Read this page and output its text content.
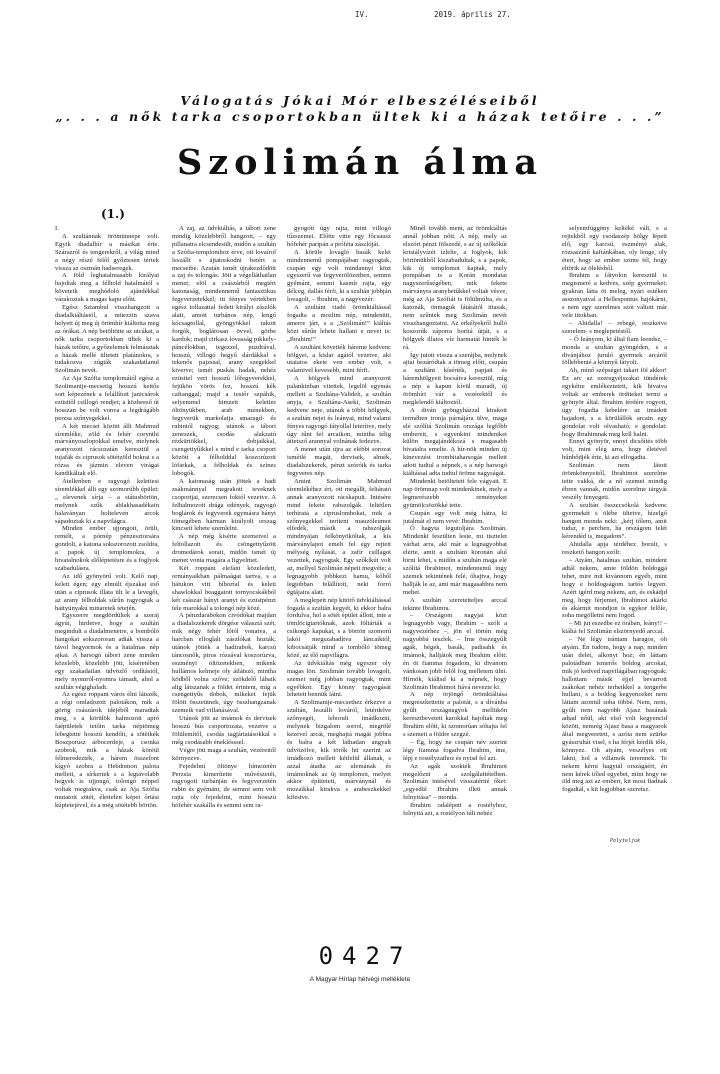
IV.	2019. április 27.
Válogatás Jókai Mór elbeszéléseiből
„. . . a nők tarka csoportokban ültek ki a házak tetőire . . .”
Szolimán álma
(1.)

I.

A szultánnak örömünnepe volt. Egyik diadalhír a másikat érte. Szárazról és tengerekről, a világ mind a négy részé felől győztesen tértek vissza az oszmán hadseregek.

A föld leghatalmasabb királyai hajoltak meg a félhold hatalmától s követeik meghódoló ajándékkal várakoztak a magas kapu előtt.

Egész Sztambul visszhangzott a diadalkiáltástól, a müezzin szava helyett új meg új örömhír kiáltotta meg az órákat. A nép betöltötte az utcákat, a nők tarka csoportokban ültek ki a házak tetőire, a győzelemek felmásztak a házak mellé ültetett platánokra, s tudakozva zúgták szakadatlanul Szolimán nevét.

Az Aja Szófia templomától egész a Szolimanije-mecsetig hosszú kettős sort képezének a felállított janicsárok ezüsttől csillogó rendjei; a közbeeső út hosszan be volt vonva a legdrágább perzsa szőnyegekkel.

A két mecset között állt Mahmud síremléke, zöld és fehér corynthi márványoszlopokkal emelve, melynek aranyozott rácsozatán keresztül a tujafák és ciprusok sötétzöld bokrai s a rózsa és jázmin eleven virágai kandikáltak elő.

Átellenben e ragyogó keletiesi síremlékkel állt egy szomorúbb épület: „ elevenek sírja – a státusbörtön, melynek szűk ablakhasadékain halaványan holteleven arcok sápadoztak ki a napvilágra.

Minden ember ujjongott, örült, remélt, a pórnép pénzesztorsára gondolt, a katona sokszorozott zsoldra, a papok új templomokra, a hivatalnokok előléptetésre és a foglyok szabadulásra.

Az idő gyönyörű volt. Kelő nap, keleti égen; egy elmúlt éjszakai eső után a ciprusok illata ült le a levegőt, az arany félholdak sűrűn ragyogtak a hattyúnyakú minaretek tetején.

Egyszerre megdördültek a szeráj ágyúi, hirdetve, hogy a szultán megindult a diadalmenetre, a bombóló hangokat sokszorosan adták vissza a távol hegyormok és a hatalmas nép ajkai. A harsogó tábori zene minden közelebb, közelebb jött, kíséretében egy szakadatlan üdvözlő ordítástól, mely nyomról-nyomra támadt, ahol a szultán végighaladt.

Az egész roppant város élni látszék, a régi omladozott palotákon, mik a görög császárok idejéből maradtak meg, s a körülök halmozott apró faépületek tetőin tarka néptömeg lebegtette hosszú kendőit, a sötétkék Boszporusz árbocerdeje, a csonka szobrok, mik a házak köréül félmeredezték, a hárem összefont kígyó szobra a Hebdomon palota mellett, a sírkertek s a legtávolabb hegyek is ujjongó, tolongó néppel voltak megrakva, csak az Aja Szófia mutatott sötét, élettelen képet óriási kúptetejével, és a még sötétebb börtön.

A zaj, az üdvkiáltás, a tábori zene mindig közelebbről hangzott, – egy pillanatra elcsendesült, midőn a szultán a Szófia-templomhoz érve, ott lovaírol leszállt s ájtatoskodni betért a mecsetbe. Azután ismét újrakezdődött a zaj és tolongás. Jött a végelláthatlan menet; elöl a császárból megtért katonaság, mindennemű fantasztikus fegyverzetekkel; itt fényes vértekben egész tollazattal fedett királyi zászlók alatt, amott turbános nép, lengő kócsagtollal, gyöngyökkel rakott forgók, boglárosan övvel, görbe kardok; majd cirkasz lovasság pikkely-páncélokban, tegezzel, puzdrával, hosszú, villogó hegyű dárdákkal s tekenős pajzssal, arany szegekkel kiverve; ismét puskás hadak, nehéz ezüsttel vert hosszú lőfegyverekkel, fejükön vörös fez, hosszú kék caftanggal; majd a testőr szpáhik, selyemmel himzett keleties öltönyükben, arab ménekben, fegyverük markolatja smaragd- és rubintól ragyog; utánok a tábori zeneszek, csodás alakzatú rézkürtökkel, dobjaikkal, csengettyűikkel s mind e tarka csoport között a félholddal koszorúzott lófarkak, a félholdak és színes lobogók.

A katonaság után jöttek a hadi zsákmánnyal megrakott teveknek csoportjai, szerecsen foktól vezetve. A felhalmozott drága edények, ragyogó boglárok és fegyverek egymásra hányt tömegében hárman királyolt orszag kincseit lehete szemlelni.

A nép még kisérte szemeivel a feltollazott és csöngettyűzött dromedárok sorait, midőn ismét új menet vonta magára a figyelmet.

Két roppant elefánt közeledett, ormányaikban pálmaágat tartva, s a hátukon vitt bíborral és keleti shawlokkal beaggatott tornyocskákból két császár hányt aranyt és ezüstpénzt tele marokkal a tolongó nép közé.

A pénzdarabokon civódókat majdan a diadalszekerek dörgése választá szét, mik négy fehér lótól vonatva, a harcban elfoglalt zászlókat hozták; utánok jöttek a hadirabok, karcsú táncosnők, piros rózsával koszorúzva, eszményi öltözetekben, mikenk hullámos kelmeje oly átlátszó, mintha ködből volna szőve; szökdelő lábaik alig látszanak a földet érinteni, míg a csengettyűs dobok, mikeket fejük fölött összeütnek, úgy összhangzanak szemeik vad villanásával.

Utánok jött az imámok és dervisek hosszú bús csoportozata, vezetve a fölülemítől, csodás tagjártatásokkal s még csodásabb éneklésssel.

Végre jött maga a szultán, vezéreitől környezve.

Fejedelmi öltönye hímezetén Perzsia kimerítette művészetét, ragyogott turbánján és fegyverzetén rubin és gyémánt, de semmi sem volt rajta oly fejedelmi, mint hosszú hófehér szakálla és semmi sem ra-

gyogott úgy rajta, mint villogó tűzszemei. Előtte vitte egy főcsausz hófehér paripán a próféta zászlóját.

A körüle lovagló basák kelet mindennemű pompájában ragyogtak, csupán egy volt mindannyi közt egyszerű vas fegyverölözetben, semmi gyémánt, semmi kasmír rajta, egy délceg, dallás férfi, ki a szultán jobbján lovagolt, – Ibrahim, a nagyvezér.

A szultánt riadó örömkiáltással fogadta a mozlim nép, mindenütt, amerre járt, s a „Szolimán!” kiáltás közt sűrűn lehete hallani e nevet is: „Ibrahim!”

A szultánt követték háreme kedvenc hölgyei, a kislar agától vezetve, aki utaiatos ekete ven ember volt, s valamivel kevesebb, mint férfi.

A hölgyek mind aranyozott palankinban vitettek, legelöl egymás mellett a Szultána-Valideh, a szultán anyja, s Szultána-Aseki, Szolimán kedvenc neje, utánuk a többi hölgyek, a szultán nejei és leányai, mind valami fényes ragyogó fátyollal leterítve, mely úgy tűnt fel arcaikon, mintha télig áttetsző arannyal volnának fedezve.

A menet után újra az elébbi sorozat ismétlé magát, dervisek, almék, diadalszekerek, pénzt szóróik és tarka fegyveres nép.

Amint Szolimán Mahmud síremlékéhez ért, ott megállt, feltárató annak aranyozott rácskapuit. Intésére mind fekete rabszolgák feltétlen terhiratá a cipruslombokat, mik a szőnyegekkel terítent mauzóleumot elfedék, másik a rabszolgák mindnyájan felkönyököltak, a kis márványlapot emelt fel egy rejtett mélység nyílását, a zafír csillagot vezettek, ragyogtak. Egy szőkíkút volt az, mellyel Szolimán népeit megvéte; a legnagyobb jobbkezi hamu, kőből legjobban felállított, neki forró égtájaira alatt.

A meglepett nép kitörő üdvkiáltással fogadá a szultán kegyét, ki ekkor balra fordulva, hol a sötét épület állott, inte a tömlöcigtartóknak, azok föltárták a csikorgó kapukat, s a börtön szomorú lakói megszabadítva láncaiktól, kibocsátják mind a tombóló tömeg közé, az élő napvilágra.

Az üdvkiáltás még egyszer oly magas lön. Szolimán tovább lovagolt, szemei még jobban ragyogtak, mint egyébkor. Egy könny ragyogását lehetett bennük látni.

A Szolimanije-mecsethez érkezve a szultán, leszállt lováról, letérdelve szőnyegét, leborult imádkozni, melynek bizgalom sorrol, megrölé kezével arcát, meghajtá magát jobbra és balra a két láthatlan angyalt üdvözölve, kik törők hit szerint az imádkozó mellett kétfelül állanak, s azzal átadta az ulemának és imámoknak az új templomot, melyet akkor építtetett, márványnál és mozaikkal kirakva s arabeszkekkel kifestve.

Minél tovább ment, az örömkiáltás annál jobban nőtt. A nép, mely az elszórt pénzt fölszedé, s az új szőkőkút kristályvízét ízlelte, a foglyok, kik börtönükből kiszabadultak, s a papok, kik új templomot kaptak, mely pompában is a Korán mondatai nagyszerűségében, mik fekete márványra aranybetűkkel voltak vésve, még az Aja Szófiát is fölülmúlta, és a katonák, önmaguk látásától ittasak, nem szűntek meg Szolimán nevét visszhangoztatni. Az erkélyekről hulló koszorúk záporra borítá útját, s a hölgyek illatos víz harmatát hinték le rá.

Így jutott vissza a szerájba, melynek ajtai bezáródtak a tömeg előtt, csupán a szultánt kísérték, papjait és háremhölgyeit bocsátva keresztül, míg a nép a kapun kívül maradt, új örömhírt vár a vezérektől és meglelendő kiáltoztól.

A diván gyöngyházzal kirakott termében tronja párnájára ülve, maga elé szólítá Szolimán országa legfőbb embereit, s egyenkint mindeniket külön megajándékozá s magasabb hivatalra emelte. A hír-nök minden új kinevezést trombitaharsogás mellett adott tudtul a népnek, s a nép harsogó kiáltással adta tudtul öröme nagyságát.

Mindenki betöltetett fele vágyait. E nap örömnap volt mindenkinek, mely a legmerészebb reményeket gyümölcsözökké tette.

Csupán egy volt még hátra, ki jutalmát el nem vevé: Ibrahim.

Ő hagyta legutoljára Szolimán. Mindenki feszülten leste, mi tisztelet várhat arra, aki már a legnagyobbat elérte, amit a szultáni koronán alul birni lehet, s midőn a szultán maga elé szólítá Ibrahimot, mindennemű ingy szemek tekintének felé, óhajtva, hogy hallják le az, ami már magasabbra nem mehet.

A szultán szeretetteljes arccal tekinte Ibrahimra.

– Országom nagyjai közt legnagyobb vagy, Ibrahim – szólt a nagyvezérhez –, jön el történ még nagyobbá teszlek. – Íme összegyűlt agák, bégek, basák, padisahk és imámok, halljátok meg Ibrahim előtt; én öt fiamma fogadom, ki divánom vánkosan jobb felől fog melletem ülni. Hírnök, kiáltsd ki a népnek, hogy Szolimán Ibrahimot fiává nevezte ki.

A nép örjöngő örömkiáltása megreszkettette a palotát, s a dívánba gyűlt országnagyok mellükön keresztbevetett karokkal hajoltak meg Ibrahim előtt, ki szomorúan sóhajta fel s szemeit a földre szegzé.

– Ég, hogy ne csupán név szerint légy fiammá fogadva Ibrahim, íme, lépj e rostélyzathoz és nyisd fel azt.

Az agák szokték Ibrahimot megelőzni a szolgálattételben. Szolimán intésével visszatérité őket: „egyedül Ibrahim illeti annak felnyitása” – monda.

Ibrahim odalépett a rostélyhoz, felnyitá azt, a rostélyon túli nehéz

selyemfüggöny keltéké vált, s a rejtekből egy csodaszép hölgy lépett elő, egy karcsú, eszményi alak, rózsaszínű kaftánkában, oly lenge, oly éteri, hogy az ember szinte fél, hogy eltörik az ölelésből.

Ibrahim a fátyolon keresztül is megismeré a kedves, szép gyermeket; gyakran látta öt meleg, nyári estéken asszonyaival a Hellespontus hajókárni, s nem egy szerelmes szót váltott már vele titokban.

– Ahidalla! – rebegé, reszketve szerelem- s meglepetéstől.

– Ő leányom, ki által fiam leendsz, – monda a szultán gyöngéden, s a divánjához juruló gyermek arcáról föllebbenté a könnyű fátyolt.

Ah, mínő szépséget takart föl akkor! Ez arc az ezeregyéjszakai tündérek egykéire emlékeztetett, kik hivatva voltak az emberek örditeket termi a gyönyör által. Ibrahim térdére rogyott, úgy fogadta kebelére az imádott hajadont, s a körülállók arcain egy gondolat volt olvasható; e gondolat: hogy Ibrahimnak meg kell halni.

Ennyi gyönyör, ennyi dicsőítés több volt, mint elég arra, hogy életével bűnhődjék érte, ki azt elfogadta.

Szolimán nem látott örömkönnyeitől, Ibrahimot szerelme tette vakká, de a nő szemei mindig ébren vannak, midőn szerelme tárgyát veszély fenyegeti.

A szultán összecsókolá kedvenc gyermekét s ölébe ültetve, hízelgő hangon monda neki: „kérj tőlem, amit tudsz, e percben, ha országom felét kérendéd is, megadom”.

Ahidalla apja térdéhez borult, s reszkető hangon szólt:

– Atyám, hatalmas szultán, mindent adtál nekem, amie földön boldoggá tehet, mire mit kivánnom egyéb, mint hogy e boldogságom tartós legyen. Azért igérd meg nekem, azt, és eskádjd meg, hogy férjemet, Ibrahimot akárki és akármit mondjon is egykor felőle, soha megölletni nem fogod.

– Mi jut eszedbe ez órában, leány!! – kiáltá fel Szolimán elszörnyedő arccal.

– Ne légy irántam haragos, oh atyám. Én tudom, hogy a nap, minden után delet, alkonyt hoz; én láttam palotádban ismerős boldog arcokat, mik jó kedved napvilágában ragyogtak; hallottam másik éjjel bevarrott zsákokat nehéz terheikkel a tengerbe hullani, s a boldog kegyenceket nem láttam azontúl soha többé. Nem, nem, gyűlt nem nagyobb Ajasz basának adtad nőül, aki első volt kegyencid között, nemrég Ajasz basa a magyarok által megveretett, s azóta nem szürke gyászruhát visel, s ha férjét kérdik tőle, könnyez. Oh atyám, veszélyes ott lakni, hol a villámok teremnek. Te nekem kérni hagytál országáért, én nem kérek tőled egyebet, mint hogy ne öld meg azt az embert, kit most fiadnak fogadtál, s kit legjobban szeretsz.

Polyteljuk
0427
A Magyar Hírlap hétvégi melléklete
